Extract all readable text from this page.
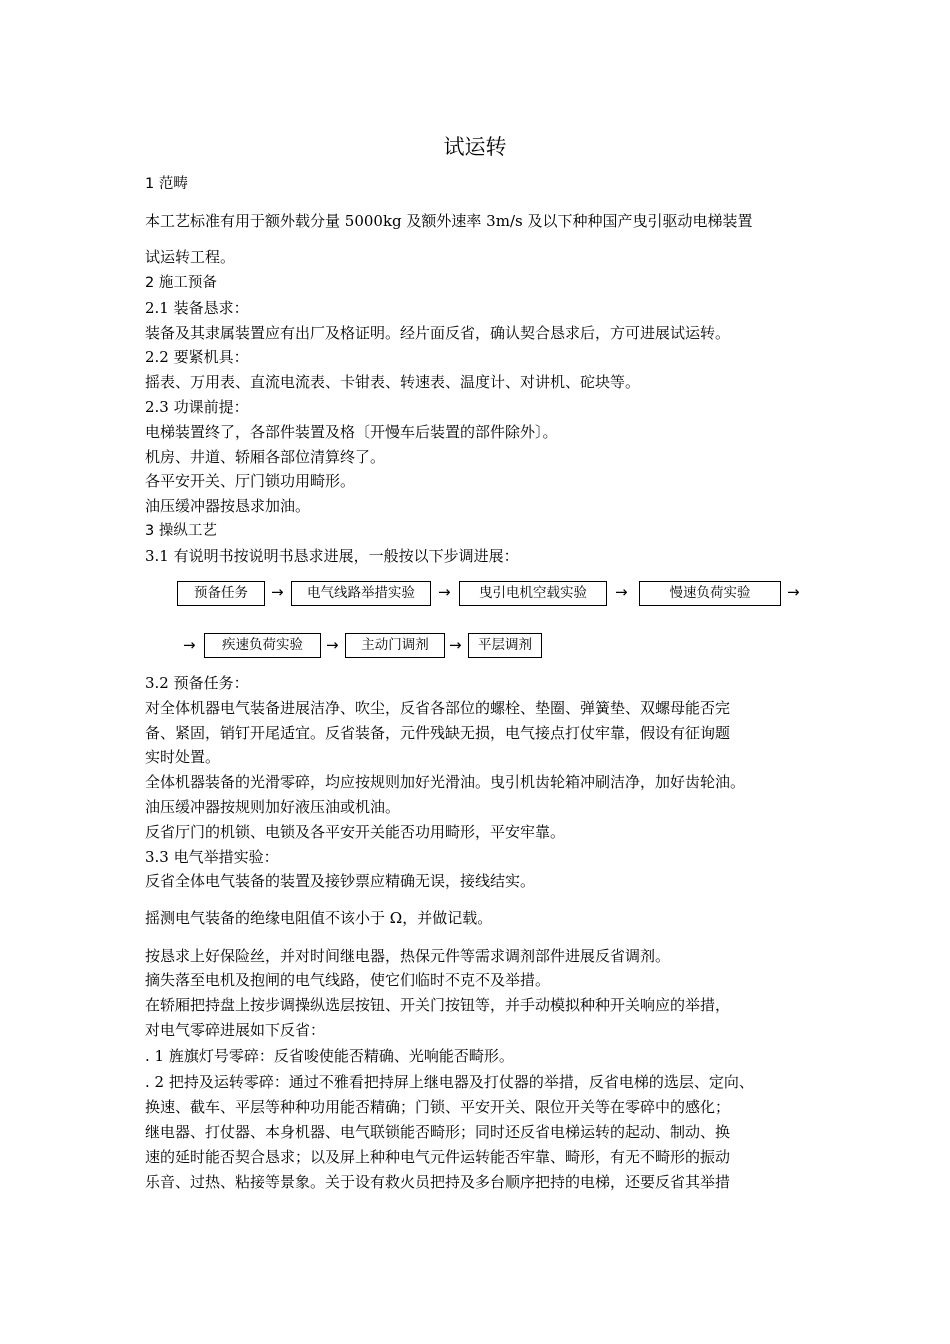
试运转
1 范畴
本工艺标准有用于额外载分量 5000kg 及额外速率 3m/s 及以下种种国产曳引驱动电梯装置
试运转工程。
2 施工预备
2.1 装备恳求：
装备及其隶属装置应有出厂及格证明。经片面反省，确认契合恳求后，方可进展试运转。
2.2 要紧机具：
摇表、万用表、直流电流表、卡钳表、转速表、温度计、对讲机、砣块等。
2.3 功课前提：
电梯装置终了，各部件装置及格〔开慢车后装置的部件除外〕。
机房、井道、轿厢各部位清算终了。
各平安开关、厅门锁功用畸形。
油压缓冲器按恳求加油。
3 操纵工艺
3.1 有说明书按说明书恳求进展，一般按以下步调进展：
3.2 预备任务：
对全体机器电气装备进展洁净、吹尘，反省各部位的螺栓、垫圈、弹簧垫、双螺母能否完
备、紧固，销钉开尾适宜。反省装备，元件残缺无损，电气接点打仗牢靠，假设有征询题
实时处置。
全体机器装备的光滑零碎，均应按规则加好光滑油。曳引机齿轮箱冲刷洁净，加好齿轮油。
油压缓冲器按规则加好液压油或机油。
反省厅门的机锁、电锁及各平安开关能否功用畸形，平安牢靠。
3.3 电气举措实验：
反省全体电气装备的装置及接钞票应精确无误，接线结实。
摇测电气装备的绝缘电阻值不该小于 Ω，并做记载。
按恳求上好保险丝，并对时间继电器，热保元件等需求调剂部件进展反省调剂。
摘失落至电机及抱闸的电气线路，使它们临时不克不及举措。
在轿厢把持盘上按步调操纵选层按钮、开关门按钮等，并手动模拟种种开关响应的举措，
对电气零碎进展如下反省：
. 1 旌旗灯号零碎：反省唆使能否精确、光响能否畸形。
. 2 把持及运转零碎：通过不雅看把持屏上继电器及打仗器的举措，反省电梯的选层、定向、
换速、截车、平层等种种功用能否精确；门锁、平安开关、限位开关等在零碎中的感化；
继电器、打仗器、本身机器、电气联锁能否畸形；同时还反省电梯运转的起动、制动、换
速的延时能否契合恳求；以及屏上种种电气元件运转能否牢靠、畸形，有无不畸形的振动
乐音、过热、粘接等景象。关于设有救火员把持及多台顺序把持的电梯，还要反省其举措
预备任务	→	电气线路举措实验	→	曳引电机空载实验	→	慢速负荷实验	→
→	疾速负荷实验	→	主动门调剂	→	平层调剂
